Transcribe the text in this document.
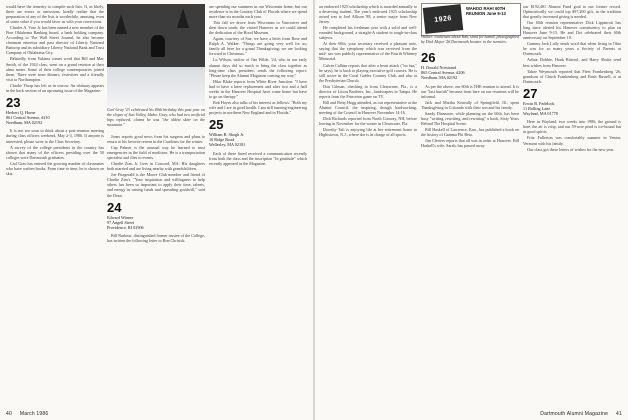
would have the temerity to compile such lists. If, as likely, there are errors or omissions, kindly realize that the preparation of any of the lists is worthwhile, amusing, even of some value if you would favor us with your corrections.

Charles A. Vose Jr. has been named a new member of the Fine Oklahoma Banking board, a bank holding company. According to The Wall Street Journal, he also became chairman emeritus and past director of Liberty National Bancorp and its subsidiary Liberty National Bank and Trust Company of Oklahoma City.

Belatedly, from Yakima comes word that Bill and Mac Smith, of the 1924 class, went on a grand reunion at their alma mater. Some of their college contemporaries joined them. There were trout dinners, festivities and a friendly visit to Northampton.

Charlie Thorp has left us in sorrow. An obituary appears in the back section of an upcoming issue of the Magazine.

23
Herbert Q. Horne
861 Central Avenue, #210
Needham, MA 02192

It is not too soon to think about a post-reunion meeting during class officers weekend, May 2-3, 1986. If anyone is interested, please write to the Class Secretary.

A survey of the college presidents in the country has shown that many of the officers presiding over the 50 colleges were Dartmouth graduates.

Carl Grau has entered the growing number of classmates who have written books. From time to time, he is shown on skis.

Carl Gray '23 celebrated his 80th birthday this past year on the slopes of Sun Valley, Idaho. Gray, who had two artificial hips replaced, claims he was "the oldest skier on the mountain."

Jones reports good news from his surgeon and plans to return to his favorite retreat in the Carolines for the winter.

Cap Palmer is the unusual way he learned to trust emergencies in the field of medicine. He is a transportation specialist and flies to events.

Charlie Zim, Jr. lives in Concord, MA. His daughters both married and are living nearby with grandchildren.

Joe Fitzgerald is the Moore Club member and friend of Charlie Zim's. "Your inspiration and willingness to help others has been so important to apply their time, talents, and energy in raising funds and spreading goodwill," said the Dean.

24
Edward Winner
97 Angell Street
Providence, RI 02906

Bill Barbour, distinguished former trustee of the College, has written the following letter to Ron Chrisick.

are spending our summers in our Wisconsin home, but our residence is in the Country Club of Florida where we spend more than six months each year.

This fall we drove from Wisconsin to Vancouver and then down south; the visited Hanover as we could attend the dedication of the Hood Museum.

Again, courtesy of Sue, we have a letter from Rose and Ralph A. Walker. "Things are going very well for us; family all here for a grand Thanksgiving; we are looking forward to Christmas."

Lu Wilson, widow of Jim Wilde, '24, who in our early alumni days did so much to bring the class together as long-time class president, sends the following report: "Please keep the Alumni Magazine coming my way."

Hilar Blake reports from White River Junction: "I have had to have a knee replacement and after two and a half weeks in the Hanover Hospital have come home but have to go on therapy."

Bob Hayes also talks of his interest as follows: "Both my wife and I are in good health. I am still running engineering projects in northern New England and in Florida."

25
William B. Skogh Jr.
16 Ridge Road
Wellesley, MA 02181

Each of these listed received a communication recently from both the class and the inscription "In gratitude" which recently appeared in the Magazine.

40 March 1986

an endowed 1925 scholarship which is awarded annually to a deserving student. The year's endowed 1925 scholarship award was to Joel Allison '88, a senior major from New Jersey.

He completed his freshman year with a solid and well-rounded background, a straight-A student in tough-in-class subjects.

At their 60th, your secretary received a pleasant note, saying that the symphony which was received from the mid- sax was publicly representative of the Fourth Whitney Memorial.

Calvin Calhim reports that after a heart attack ("no fun," he says), he is back to playing executive golf courses. He is still active in the Coral Gables Country Club, and also at the Presbyterian Church.

Don Gilman, checking in from Clearwater, Fla., is a director of Litton Brothers, Inc., landscapers in Tampa. He reports from the Princeton game on TV.

Bill and Betty Hogg attended, as our representative at the Alumni Council, the inspiring, though hardworking, meeting of the Council in Hanover November 14-16.

Dick Richards reported from North Conway, NH, before leaving in November for the winter in Clearwater, Fla.

Dorothy Taft is enjoying life at her retirement home in Hightstown, N.J., where she is in charge of all sports.

26
H. Donald Norstrand
865 Central Avenue, #206
Needham, MA 02192

As per the above, our 60th is THE reunion to attend. It is our "last hurrah" because from here on our reunions will be informal.

Jack and Martha Keneally of Springfield, Ill., spent Thanksgiving in Colorado with their son and his family.

Sandy Dinsmore, while planning on the 60th, has been busy "writing, rewriting, and rewriting" a book, Sixty Years Behind The Hospital Scene.

Bill Haskell of Lawrence, Kan., has published a book on the history of Gamma Phi Beta.

Jim Cleaves reports that all was in order at Hanover. Bill Haskell's wife, Sarah, has passed away.

1926
WAHOO RAH! 60TH REUNION June 9-13
Walker: exuberant about Rah, slant for humid, photographed by Dick Major '26 Dartmouth booster in the twenties.

our $192,481 Alumni Fund goal to our former record. Optimistically we could top $97,200 gift, in the tradition that greatly increased giving is needed.

Our 60th reunion representative Dick Lippincott has long since alerted his Hanover constituency to plan on Hanover June 9-13. He and Dot celebrated their 60th anniversary on September 10.

Gummy Jack Lally sends word that when living in Ohio he was for so many years a Society of Parents at Dartmouth.

Arthur Dobbie, Hank Bitterol, and Harry Shulte send best wishes from Hanover.

Tahoe Weymouth reported that Fleet Frankenberg '26, grandson of Chuck Frankenberg and Rush Russell, is at Dartmouth.

27
Erwin B. Padelock
11 Rolling Lane
Wayland, MA 01778

Here in Wayland, two weeks into 1986, the ground is bare, the air is crisp, and our 59-acre pond is ice-bound but in good spirits.

Fritz Fullerton was comfortably summer in Ventor, Vermont with his family.

Our class got these letters of wishes for the new year.

Dartmouth Alumni Magazine 41
